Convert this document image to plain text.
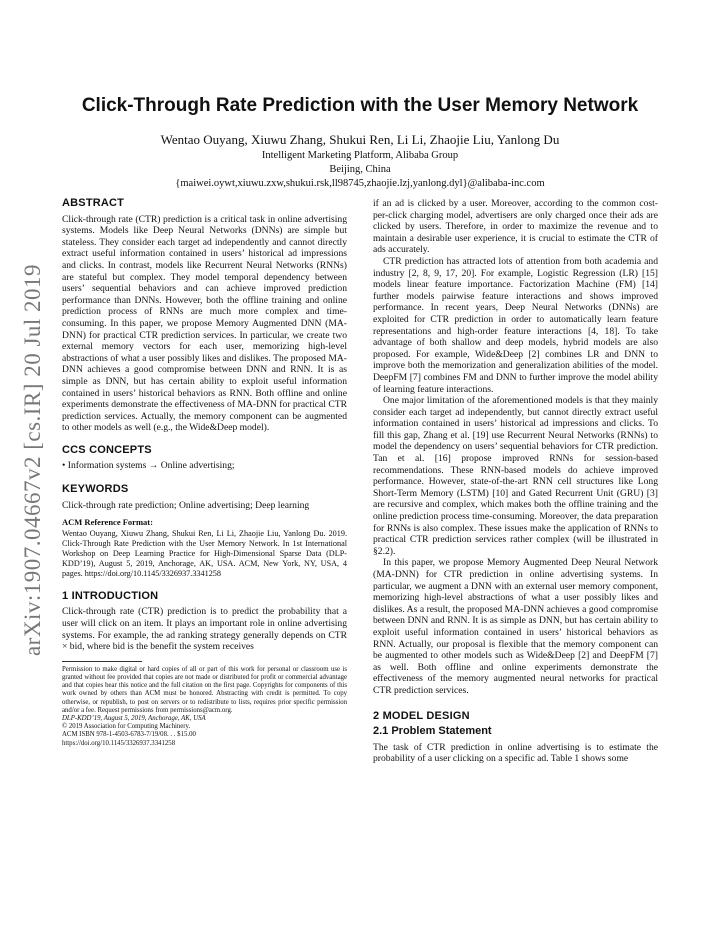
arXiv:1907.04667v2 [cs.IR] 20 Jul 2019
Click-Through Rate Prediction with the User Memory Network
Wentao Ouyang, Xiuwu Zhang, Shukui Ren, Li Li, Zhaojie Liu, Yanlong Du
Intelligent Marketing Platform, Alibaba Group
Beijing, China
{maiwei.oywt,xiuwu.zxw,shukui.rsk,ll98745,zhaojie.lzj,yanlong.dyl}@alibaba-inc.com
ABSTRACT

Click-through rate (CTR) prediction is a critical task in online advertising systems. Models like Deep Neural Networks (DNNs) are simple but stateless. They consider each target ad independently and cannot directly extract useful information contained in users’ historical ad impressions and clicks. In contrast, models like Recurrent Neural Networks (RNNs) are stateful but complex. They model temporal dependency between users’ sequential behaviors and can achieve improved prediction performance than DNNs. However, both the offline training and online prediction process of RNNs are much more complex and time-consuming. In this paper, we propose Memory Augmented DNN (MA-DNN) for practical CTR prediction services. In particular, we create two external memory vectors for each user, memorizing high-level abstractions of what a user possibly likes and dislikes. The proposed MA-DNN achieves a good compromise between DNN and RNN. It is as simple as DNN, but has certain ability to exploit useful information contained in users’ historical behaviors as RNN. Both offline and online experiments demonstrate the effectiveness of MA-DNN for practical CTR prediction services. Actually, the memory component can be augmented to other models as well (e.g., the Wide&Deep model).

CCS CONCEPTS

• Information systems → Online advertising;

KEYWORDS

Click-through rate prediction; Online advertising; Deep learning

ACM Reference Format:

Wentao Ouyang, Xiuwu Zhang, Shukui Ren, Li Li, Zhaojie Liu, Yanlong Du. 2019. Click-Through Rate Prediction with the User Memory Network. In 1st International Workshop on Deep Learning Practice for High-Dimensional Sparse Data (DLP-KDD’19), August 5, 2019, Anchorage, AK, USA. ACM, New York, NY, USA, 4 pages. https://doi.org/10.1145/3326937.3341258

1 INTRODUCTION

Click-through rate (CTR) prediction is to predict the probability that a user will click on an item. It plays an important role in online advertising systems. For example, the ad ranking strategy generally depends on CTR × bid, where bid is the benefit the system receives

Permission to make digital or hard copies of all or part of this work for personal or classroom use is granted without fee provided that copies are not made or distributed for profit or commercial advantage and that copies bear this notice and the full citation on the first page. Copyrights for components of this work owned by others than ACM must be honored. Abstracting with credit is permitted. To copy otherwise, or republish, to post on servers or to redistribute to lists, requires prior specific permission and/or a fee. Request permissions from permissions@acm.org.

DLP-KDD’19, August 5, 2019, Anchorage, AK, USA

© 2019 Association for Computing Machinery.

ACM ISBN 978-1-4503-6783-7/19/08. . . $15.00

https://doi.org/10.1145/3326937.3341258

if an ad is clicked by a user. Moreover, according to the common cost-per-click charging model, advertisers are only charged once their ads are clicked by users. Therefore, in order to maximize the revenue and to maintain a desirable user experience, it is crucial to estimate the CTR of ads accurately.

CTR prediction has attracted lots of attention from both academia and industry [2, 8, 9, 17, 20]. For example, Logistic Regression (LR) [15] models linear feature importance. Factorization Machine (FM) [14] further models pairwise feature interactions and shows improved performance. In recent years, Deep Neural Networks (DNNs) are exploited for CTR prediction in order to automatically learn feature representations and high-order feature interactions [4, 18]. To take advantage of both shallow and deep models, hybrid models are also proposed. For example, Wide&Deep [2] combines LR and DNN to improve both the memorization and generalization abilities of the model. DeepFM [7] combines FM and DNN to further improve the model ability of learning feature interactions.

One major limitation of the aforementioned models is that they mainly consider each target ad independently, but cannot directly extract useful information contained in users’ historical ad impressions and clicks. To fill this gap, Zhang et al. [19] use Recurrent Neural Networks (RNNs) to model the dependency on users’ sequential behaviors for CTR prediction. Tan et al. [16] propose improved RNNs for session-based recommendations. These RNN-based models do achieve improved performance. However, state-of-the-art RNN cell structures like Long Short-Term Memory (LSTM) [10] and Gated Recurrent Unit (GRU) [3] are recursive and complex, which makes both the offline training and the online prediction process time-consuming. Moreover, the data preparation for RNNs is also complex. These issues make the application of RNNs to practical CTR prediction services rather complex (will be illustrated in §2.2).

In this paper, we propose Memory Augmented Deep Neural Network (MA-DNN) for CTR prediction in online advertising systems. In particular, we augment a DNN with an external user memory component, memorizing high-level abstractions of what a user possibly likes and dislikes. As a result, the proposed MA-DNN achieves a good compromise between DNN and RNN. It is as simple as DNN, but has certain ability to exploit useful information contained in users’ historical behaviors as RNN. Actually, our proposal is flexible that the memory component can be augmented to other models such as Wide&Deep [2] and DeepFM [7] as well. Both offline and online experiments demonstrate the effectiveness of the memory augmented neural networks for practical CTR prediction services.

2 MODEL DESIGN
2.1 Problem Statement

The task of CTR prediction in online advertising is to estimate the probability of a user clicking on a specific ad. Table 1 shows some
